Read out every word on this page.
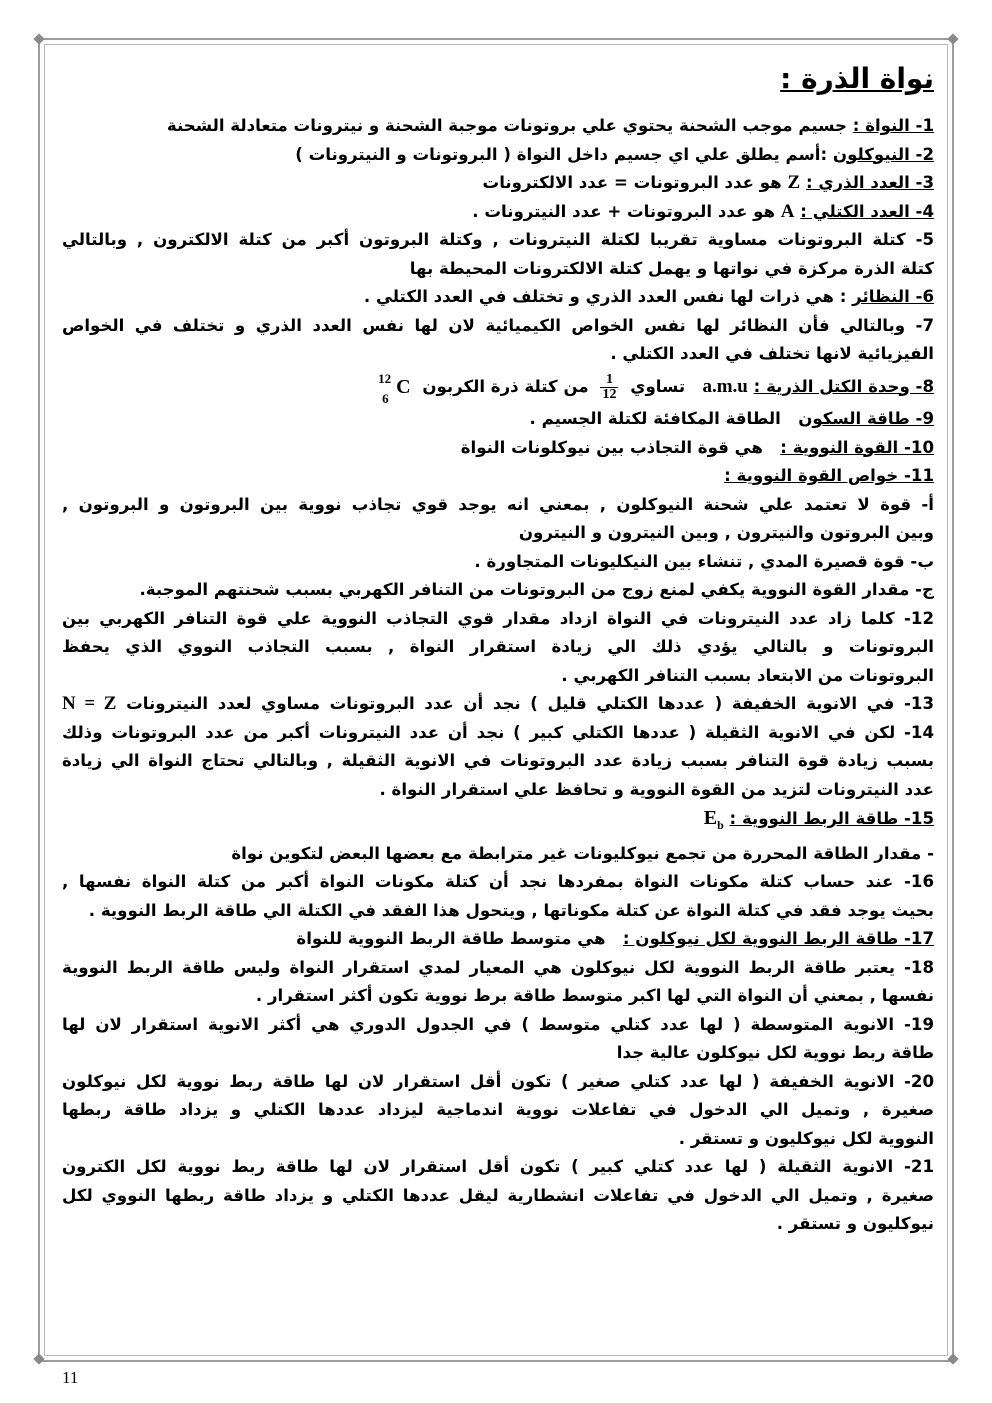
نواة الذرة :
1- النواة : جسيم موجب الشحنة يحتوي علي بروتونات موجبة الشحنة و نيترونات متعادلة الشحنة
2- النيوكلون :أسم يطلق علي اي جسيم داخل النواة ( البروتونات و النيترونات )
3- العدد الذري : Z هو عدد البروتونات = عدد الالكترونات
4- العدد الكتلي : A هو عدد البروتونات + عدد النيترونات .
5- كتلة البروتونات مساوية تقريبا لكتلة النيترونات , وكتلة البروتون أكبر من كتلة الالكترون , وبالتالي
كتلة الذرة مركزة في نواتها و يهمل كتلة الالكترونات المحيطة بها
6- النظائر : هي ذرات لها نفس العدد الذري و تختلف في العدد الكتلي .
7- وبالتالي فأن النظائر لها نفس الخواص الكيميائية لان لها نفس العدد الذري و تختلف في الخواص
الفيزيائية لانها تختلف في العدد الكتلي .
8- وحدة الكتل الذرية : a.m.u   تساوي
$\frac{1}{12}$
من كتلة ذرة الكربون
12
6
C
9- طاقة السكون   الطاقة المكافئة لكتلة الجسيم .
10- القوة النووية :   هي قوة التجاذب بين نيوكلونات النواة
11- خواص القوة النووية :
أ- قوة لا تعتمد علي شحنة النيوكلون , بمعني انه يوجد قوي تجاذب نووية بين البروتون و البروتون ,
وبين البروتون والنيترون , وبين النيترون و النيترون
ب- قوة قصيرة المدي , تنشاء بين النيكليونات المتجاورة .
ج- مقدار القوة النووية يكفي لمنع زوج من البروتونات من التنافر الكهربي بسبب شحنتهم الموجبة.
12- كلما زاد عدد النيترونات في النواة ازداد مقدار قوي التجاذب النووية علي قوة التنافر الكهربي بين
البروتونات و بالتالي يؤدي ذلك الي زيادة استقرار النواة , بسبب التجاذب النووي الذي يحفظ
البروتونات من الابتعاد بسبب التنافر الكهربي .
13- في الانوية الخفيفة ( عددها الكتلي قليل ) نجد أن عدد البروتونات مساوي لعدد النيترونات N = Z
14- لكن في الانوية الثقيلة ( عددها الكتلي كبير ) نجد أن عدد النيترونات أكبر من عدد البروتونات وذلك
بسبب زيادة قوة التنافر بسبب زيادة عدد البروتونات في الانوية الثقيلة , وبالتالي تحتاج النواة الي زيادة
عدد النيترونات لتزيد من القوة النووية و تحافظ علي استقرار النواة .
15- طاقة الربط النووية : $E_b$
- مقدار الطاقة المحررة من تجمع نيوكليونات غير مترابطة مع بعضها البعض لتكوين نواة
16- عند حساب كتلة مكونات النواة بمفردها نجد أن كتلة مكونات النواة أكبر من كتلة النواة نفسها ,
بحيث يوجد فقد في كتلة النواة عن كتلة مكوناتها , ويتحول هذا الفقد في الكتلة الي طاقة الربط النووية .
17- طاقة الربط النووية لكل نيوكلون :   هي متوسط طاقة الربط النووية للنواة
18- يعتبر طاقة الربط النووية لكل نيوكلون هي المعيار لمدي استقرار النواة وليس طاقة الربط النووية
نفسها , بمعني أن النواة التي لها اكبر متوسط طاقة برط نووية تكون أكثر استقرار .
19- الانوية المتوسطة ( لها عدد كتلي متوسط ) في الجدول الدوري هي أكثر الانوية استقرار لان لها
طاقة ربط نووية لكل نيوكلون عالية جدا
20- الانوية الخفيفة ( لها عدد كتلي صغير ) تكون أقل استقرار لان لها طاقة ربط نووية لكل نيوكلون
صغيرة , وتميل الي الدخول في تفاعلات نووية اندماجية ليزداد عددها الكتلي و يزداد طاقة ربطها
النووية لكل نيوكليون و تستقر .
21- الانوية الثقيلة ( لها عدد كتلي كبير ) تكون أقل استقرار لان لها طاقة ربط نووية لكل الكترون
صغيرة , وتميل الي الدخول في تفاعلات انشطارية ليقل عددها الكتلي و يزداد طاقة ربطها النووي لكل
نيوكليون و تستقر .
11
